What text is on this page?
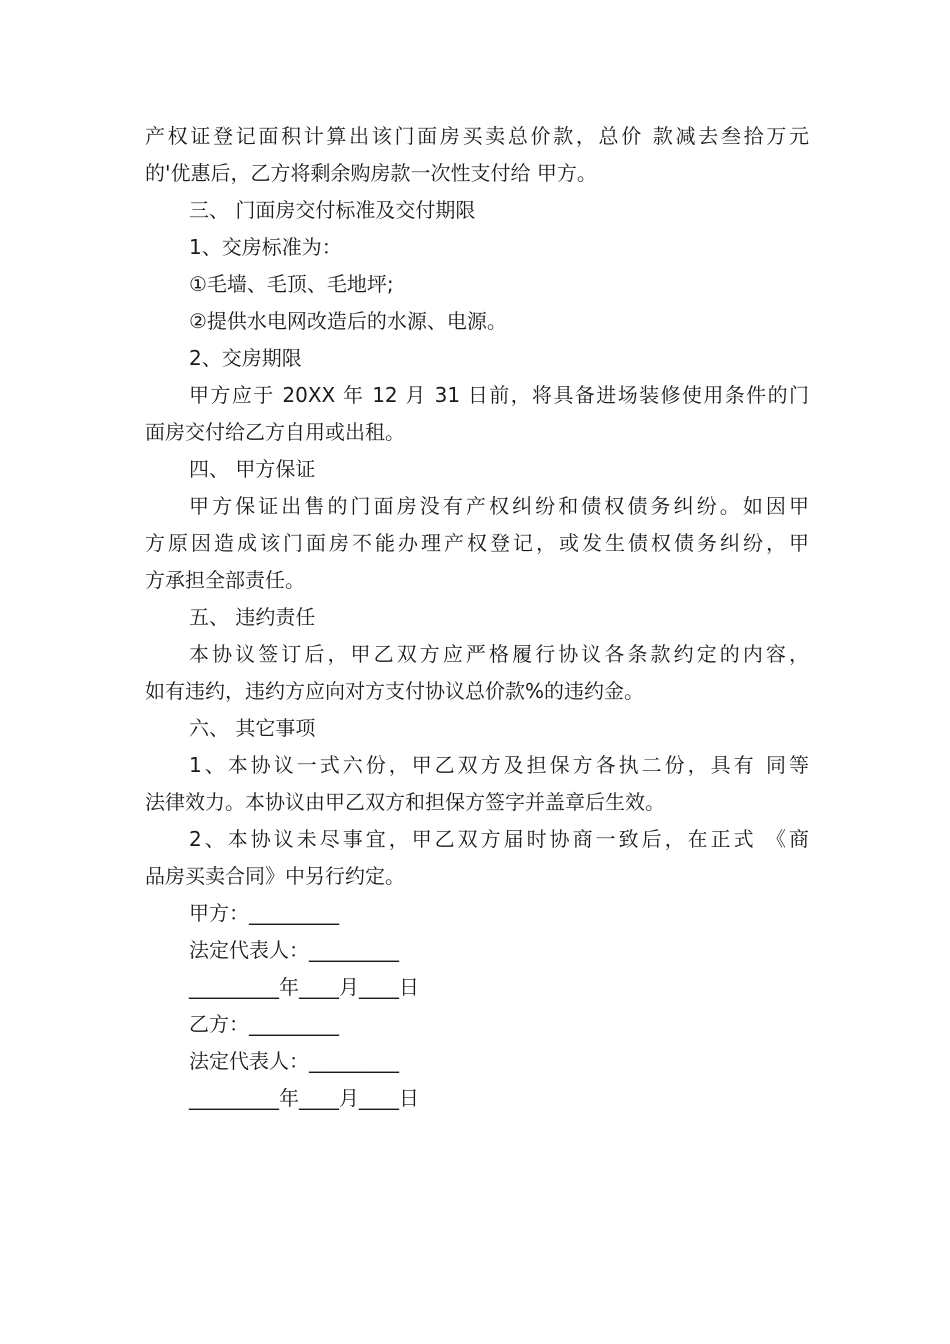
产权证登记面积计算出该门面房买卖总价款，总价 款减去叁拾万元
的'优惠后，乙方将剩余购房款一次性支付给 甲方。
三、 门面房交付标准及交付期限
1、交房标准为：
①毛墙、毛顶、毛地坪;
②提供水电网改造后的水源、电源。
2、交房期限
甲方应于 20XX 年 12 月 31 日前，将具备进场装修使用条件的门
面房交付给乙方自用或出租。
四、 甲方保证
甲方保证出售的门面房没有产权纠纷和债权债务纠纷。如因甲
方原因造成该门面房不能办理产权登记，或发生债权债务纠纷，甲
方承担全部责任。
五、 违约责任
本协议签订后，甲乙双方应严格履行协议各条款约定的内容，
如有违约，违约方应向对方支付协议总价款%的违约金。
六、 其它事项
1、本协议一式六份，甲乙双方及担保方各执二份，具有 同等
法律效力。本协议由甲乙双方和担保方签字并盖章后生效。
2、本协议未尽事宜，甲乙双方届时协商一致后，在正式 《商
品房买卖合同》中另行约定。
甲方：_________
法定代表人：_________
_________年____月____日
乙方：_________
法定代表人：_________
_________年____月____日
